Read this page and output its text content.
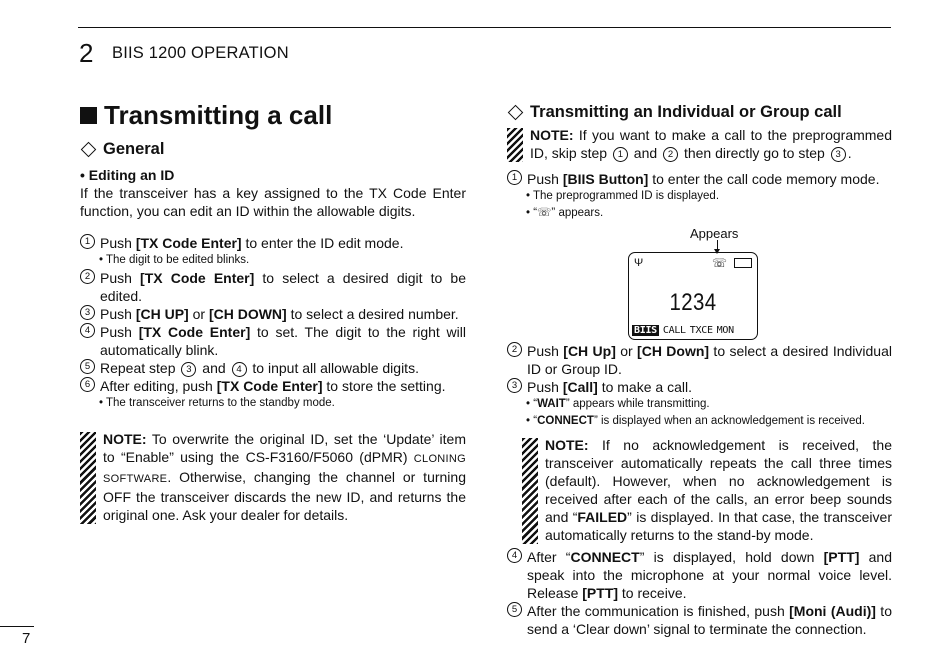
2 BIIS 1200 OPERATION
Transmitting a call
General
• Editing an ID

If the transceiver has a key assigned to the TX Code Enter function, you can edit an ID within the allowable digits.

1 Push [TX Code Enter] to enter the ID edit mode.
• The digit to be edited blinks.
2 Push [TX Code Enter] to select a desired digit to be edited.
3 Push [CH UP] or [CH DOWN] to select a desired number.
4 Push [TX Code Enter] to set. The digit to the right will automatically blink.
5 Repeat step 3 and 4 to input all allowable digits.
6 After editing, push [TX Code Enter] to store the setting.
• The transceiver returns to the standby mode.

NOTE: To overwrite the original ID, set the ‘Update’ item to “Enable” using the CS-F3160/F5060 (dPMR) CLONING SOFTWARE. Otherwise, changing the channel or turning OFF the transceiver discards the new ID, and returns the original one. Ask your dealer for details.

Transmitting an Individual or Group call

NOTE: If you want to make a call to the preprogrammed ID, skip step 1 and 2 then directly go to step 3 .

1 Push [BIIS Button] to enter the call code memory mode.
• The preprogrammed ID is displayed.
• “☏” appears.
Appears
Ψ	☏
1234
BIIS CALL TXCE MON
2 Push [CH Up] or [CH Down] to select a desired Individual ID or Group ID.
3 Push [Call] to make a call.
• “WAIT” appears while transmitting.
• “CONNECT” is displayed when an acknowledgement is received.

NOTE: If no acknowledgement is received, the transceiver automatically repeats the call three times (default). However, when no acknowledgement is received after each of the calls, an error beep sounds and “FAILED” is displayed. In that case, the transceiver automatically returns to the stand-by mode.

4 After “CONNECT” is displayed, hold down [PTT] and speak into the microphone at your normal voice level. Release [PTT] to receive.
5 After the communication is finished, push [Moni (Audi)] to send a ‘Clear down’ signal to terminate the connection.
7
